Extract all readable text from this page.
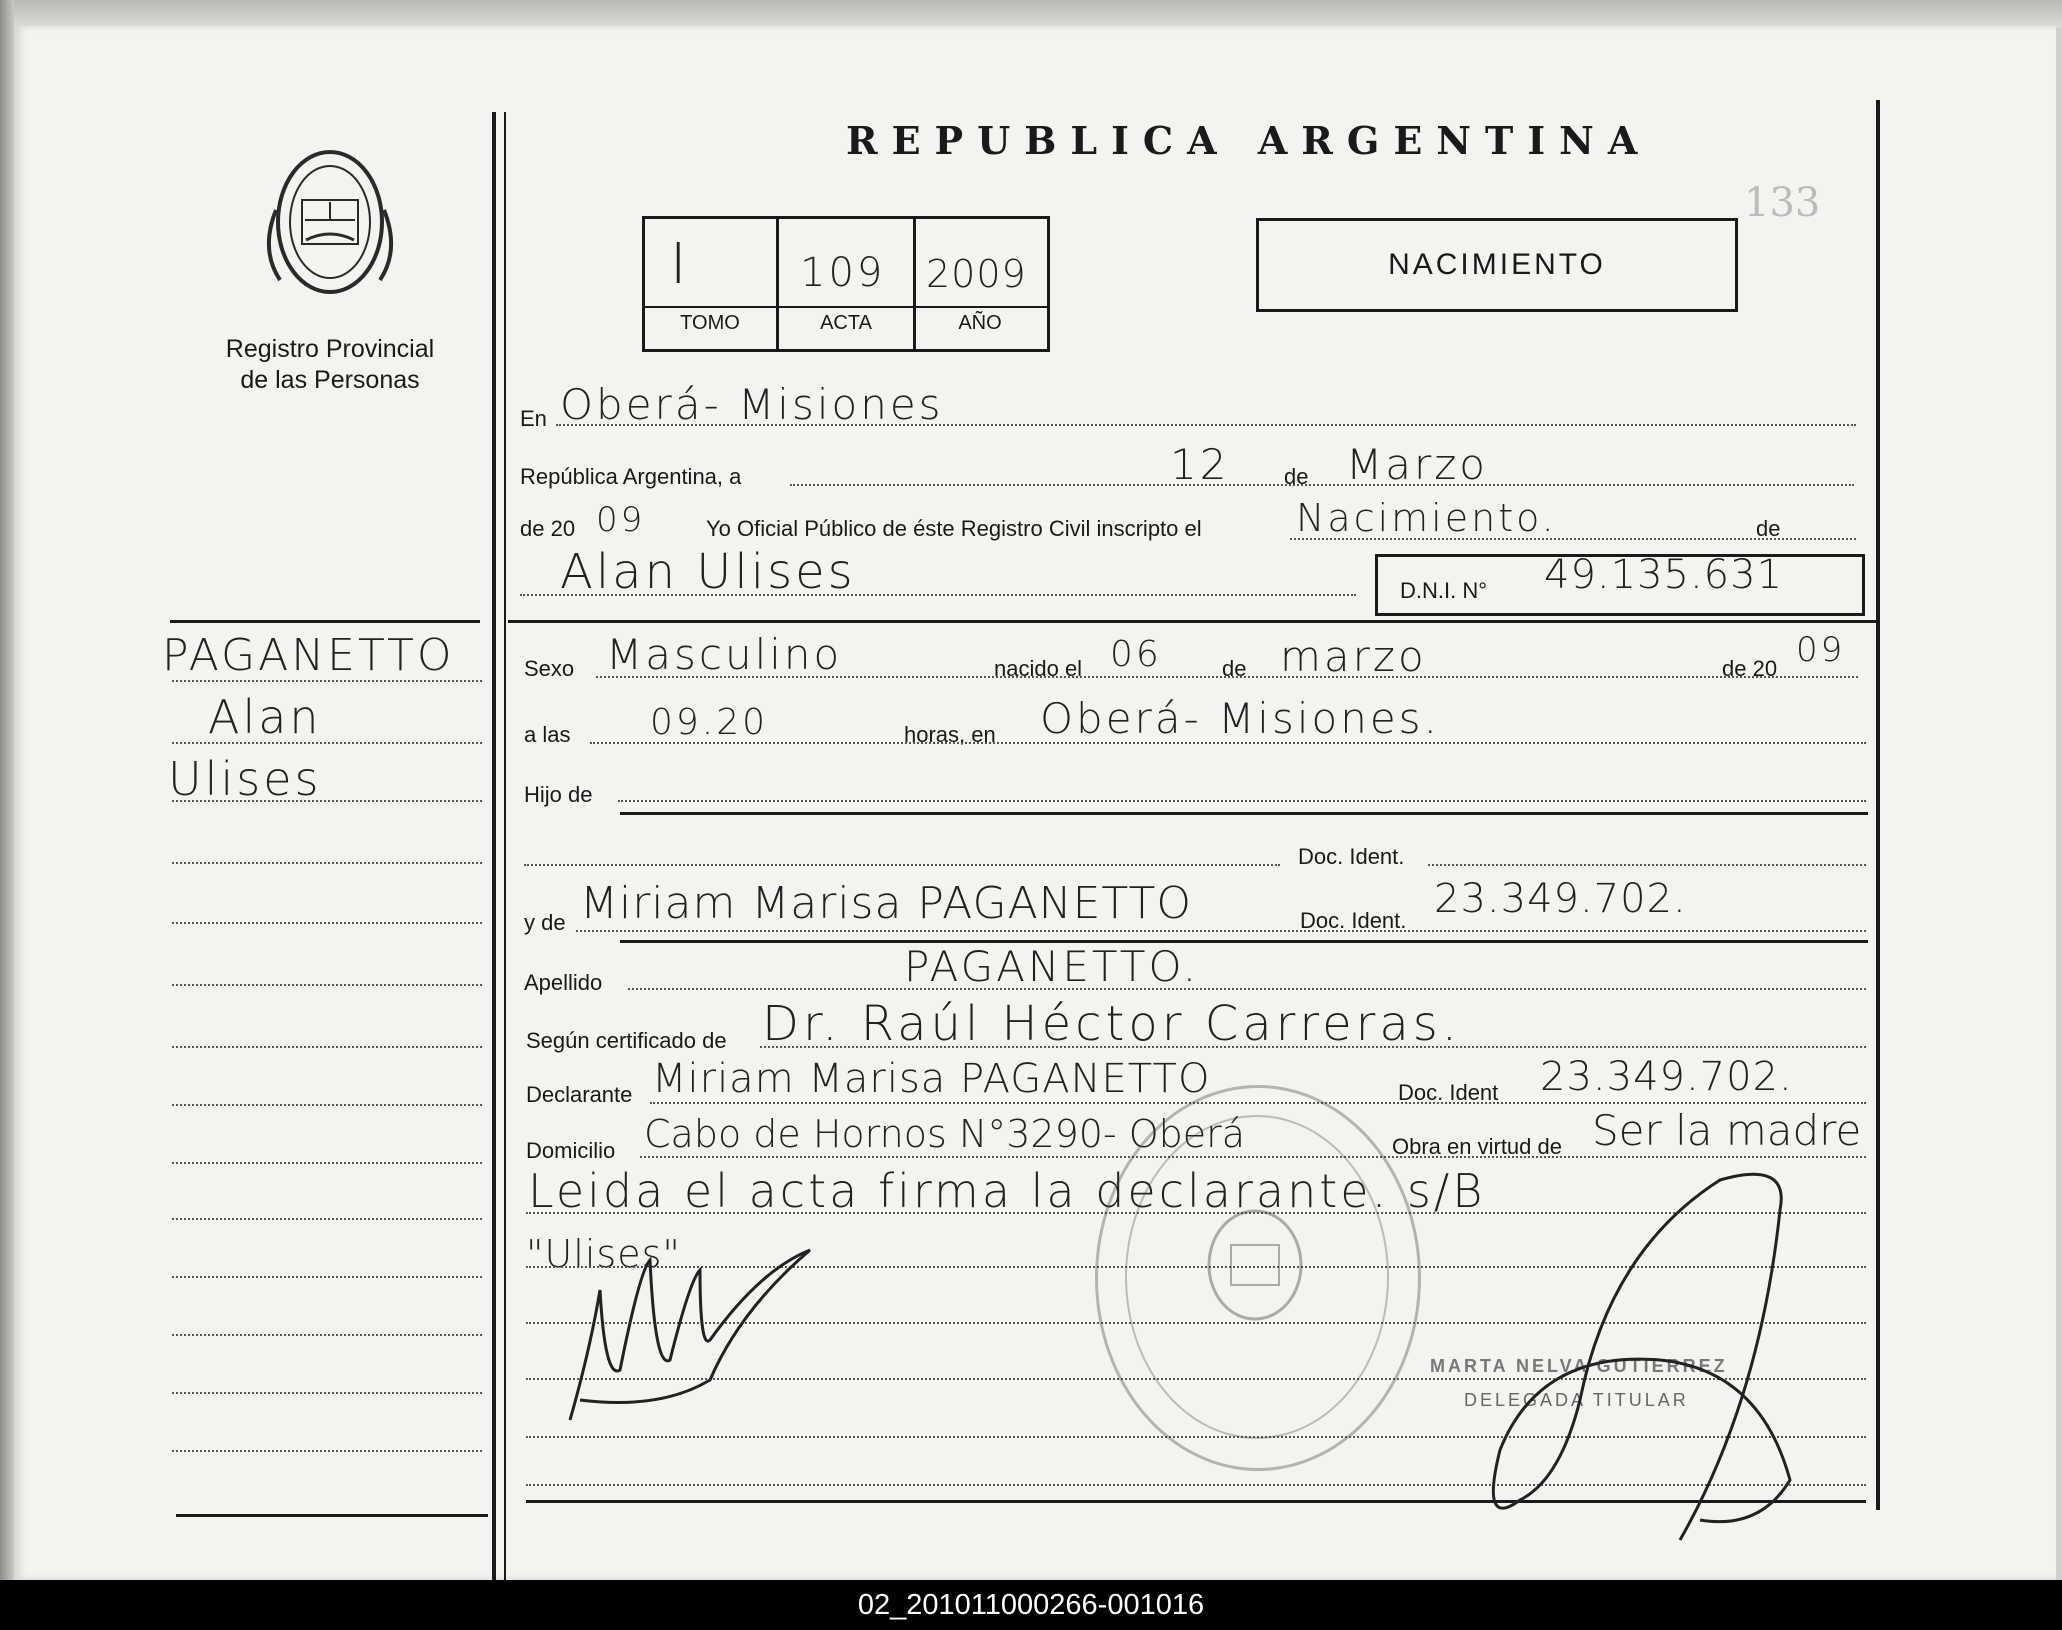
Registro Provincial
de las Personas
REPUBLICA ARGENTINA
133
I	109 2009
TOMO	ACTA	AÑO
NACIMIENTO
PAGANETTO
Alan
Ulises
En Oberá- Misiones
República Argentina, a	12 de Marzo
de 20 09	Yo Oficial Público de éste Registro Civil inscripto el Nacimiento.	de
Alan Ulises	D.N.I. N° 49.135.631
Sexo Masculino	nacido el 06	de marzo	de 20 09
a las 09.20	horas, en Oberá- Misiones.
Hijo de
Doc. Ident.
y de Miriam Marisa PAGANETTO	Doc. Ident. 23.349.702.
Apellido	PAGANETTO.
Según certificado de Dr. Raúl Héctor Carreras.
Declarante Miriam Marisa PAGANETTO	Doc. Ident 23.349.702.
Domicilio Cabo de Hornos N°3290- Oberá	Obra en virtud de Ser la madre
Leida el acta firma la declarante. s/B
"Ulises"
MARTA NELVA GUTIERREZ
DELEGADA TITULAR
02_201011000266-001016
